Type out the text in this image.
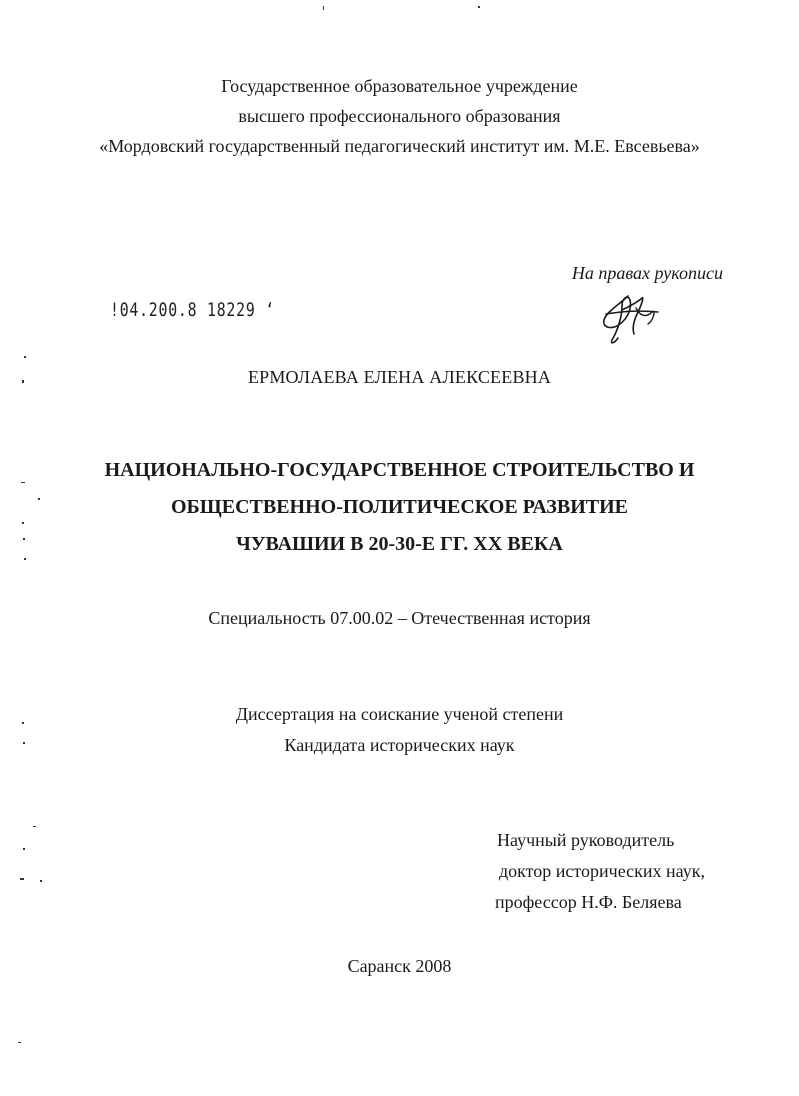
Государственное образовательное учреждение
высшего профессионального образования
«Мордовский государственный педагогический институт им. М.Е. Евсевьева»
На правах рукописи
!04.200.8 18229 ‘
ЕРМОЛАЕВА ЕЛЕНА АЛЕКСЕЕВНА
НАЦИОНАЛЬНО-ГОСУДАРСТВЕННОЕ СТРОИТЕЛЬСТВО И
ОБЩЕСТВЕННО-ПОЛИТИЧЕСКОЕ РАЗВИТИЕ
ЧУВАШИИ В 20-30-Е ГГ. XX ВЕКА
Специальность 07.00.02 – Отечественная история
Диссертация на соискание ученой степени
Кандидата исторических наук
Научный руководитель
доктор исторических наук,
профессор Н.Ф. Беляева
Саранск 2008
